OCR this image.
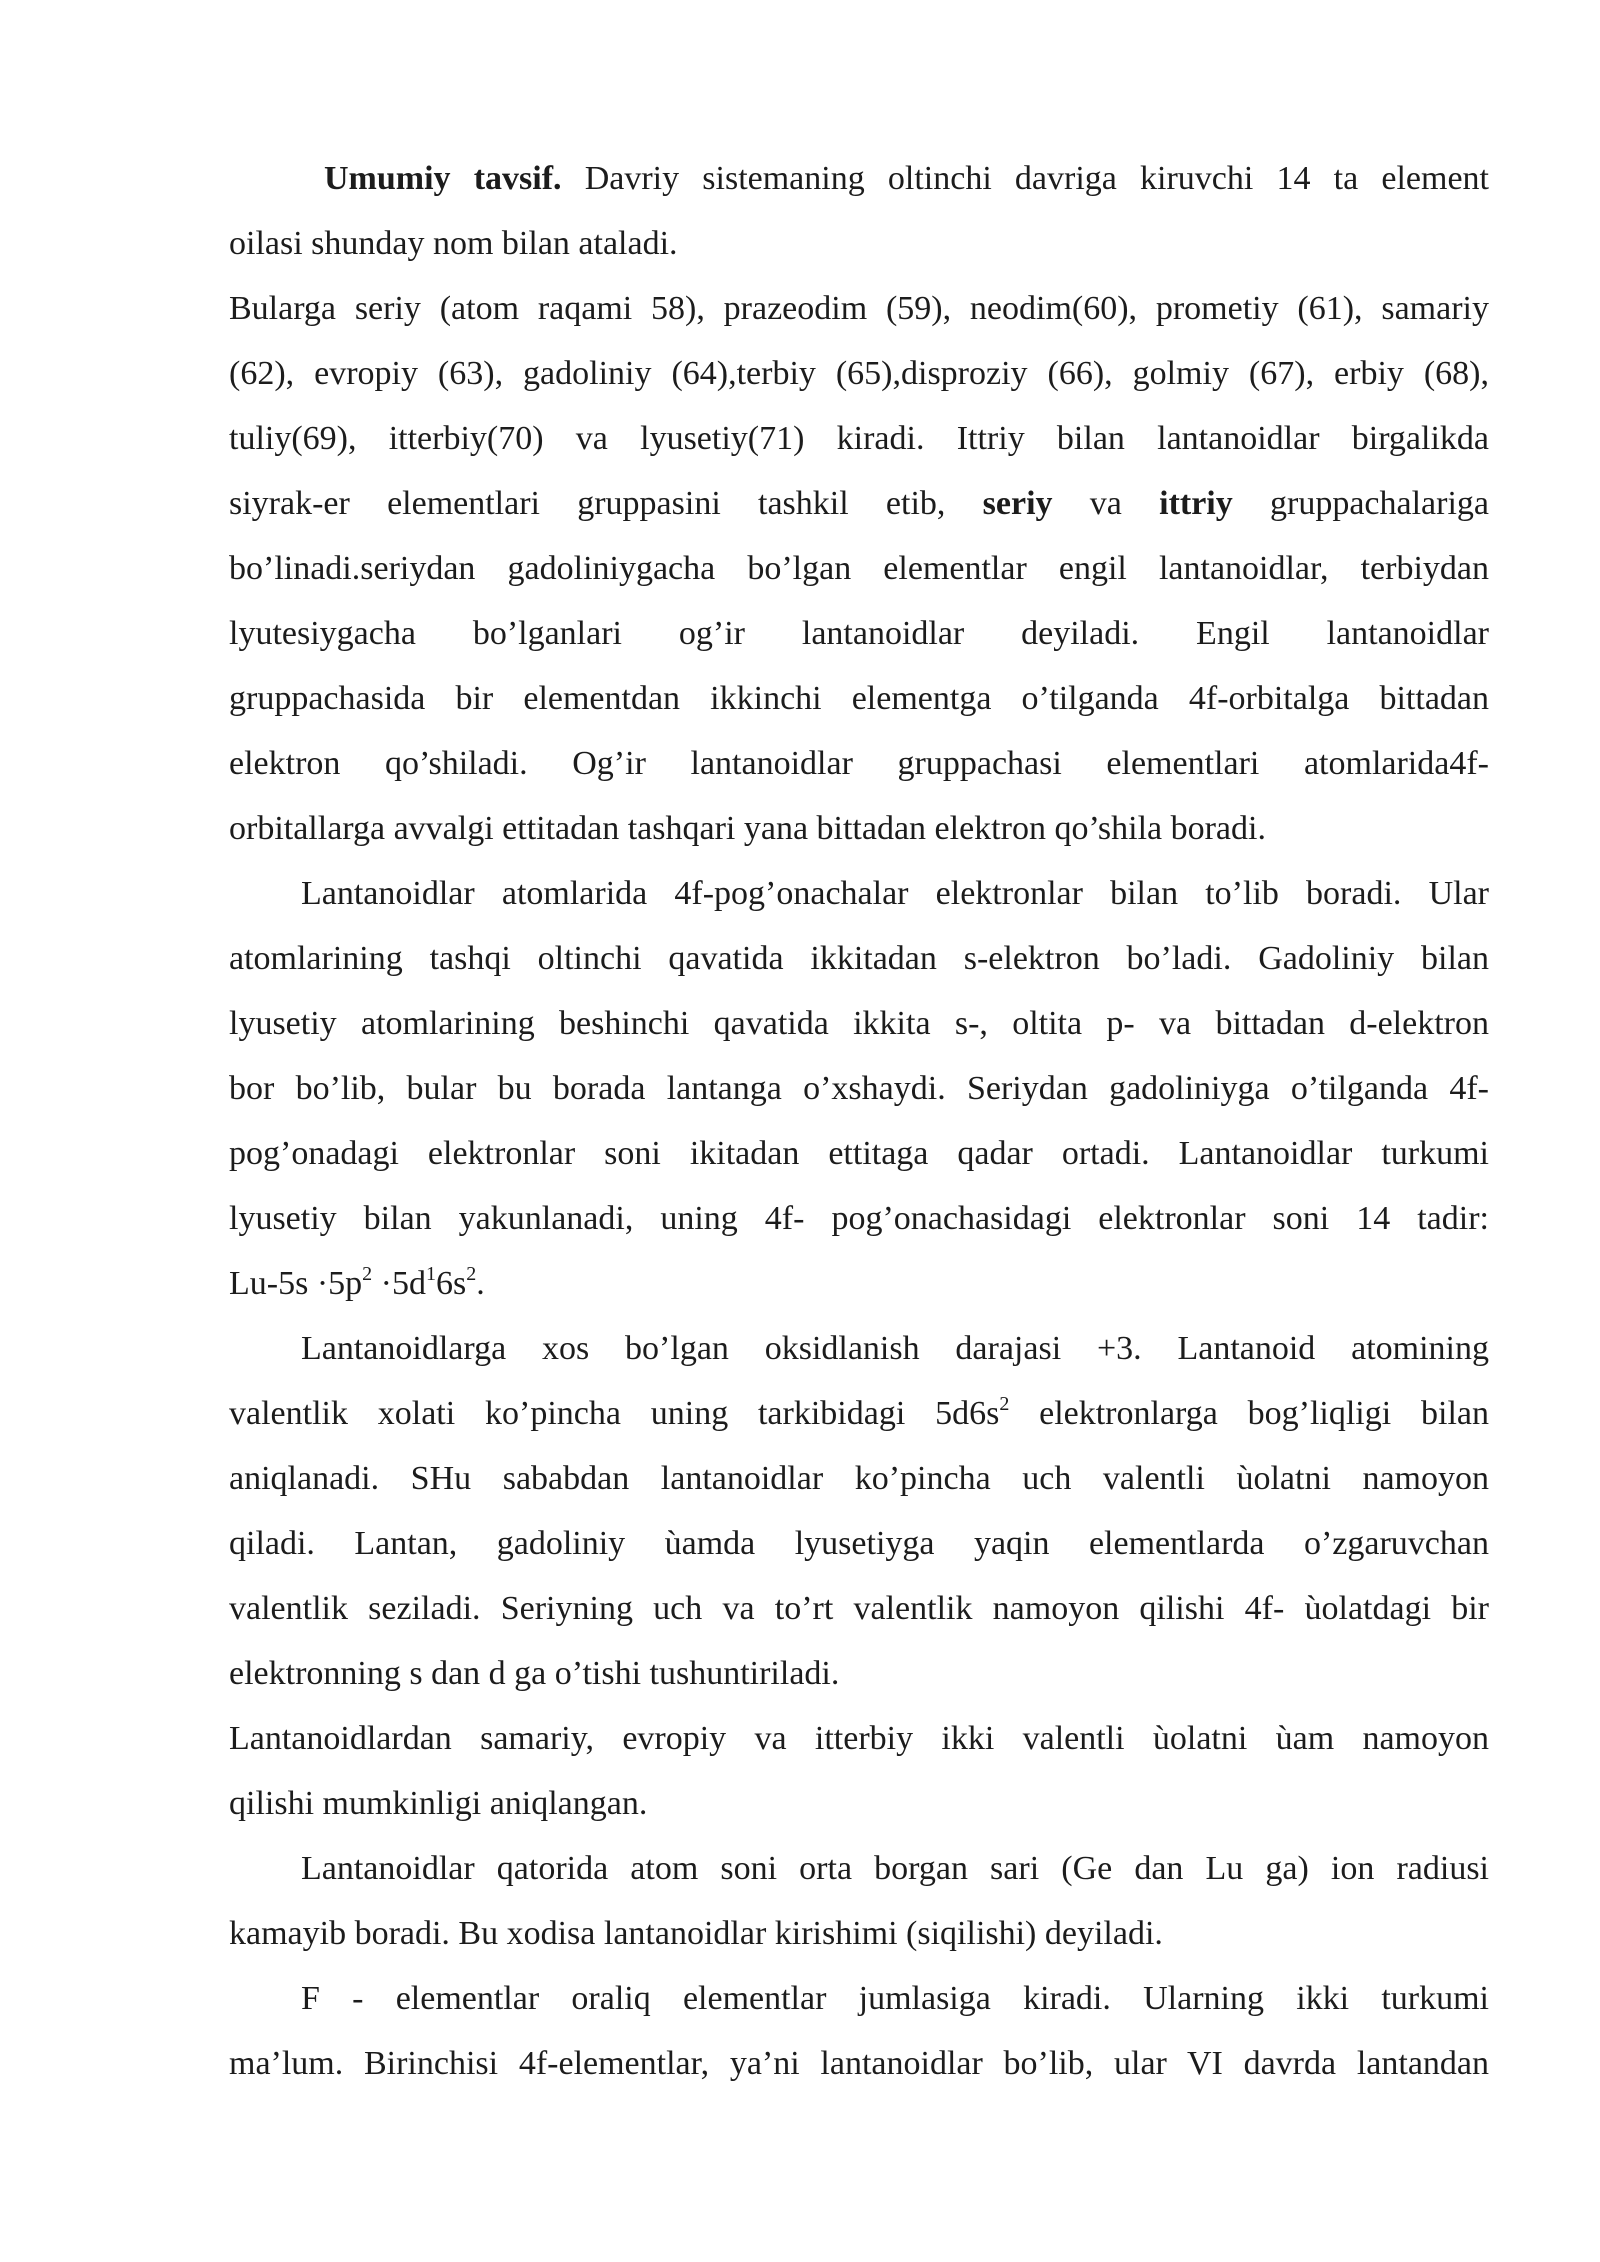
Umumiy tavsif. Davriy sistemaning oltinchi davriga kiruvchi 14 ta element
oilasi shunday nom bilan ataladi.
Bularga seriy (atom raqami 58), prazeodim (59), neodim(60), prometiy (61), samariy
(62), evropiy (63), gadoliniy (64),terbiy (65),disproziy (66), golmiy (67), erbiy (68),
tuliy(69), itterbiy(70) va lyusetiy(71) kiradi. Ittriy bilan lantanoidlar birgalikda
siyrak-er elementlari gruppasini tashkil etib, seriy va ittriy gruppachalariga
bo’linadi.seriydan gadoliniygacha bo’lgan elementlar engil lantanoidlar, terbiydan
lyutesiygacha bo’lganlari og’ir lantanoidlar deyiladi. Engil lantanoidlar
gruppachasida bir elementdan ikkinchi elementga o’tilganda 4f-orbitalga bittadan
elektron qo’shiladi. Og’ir lantanoidlar gruppachasi elementlari atomlarida4f-
orbitallarga avvalgi ettitadan tashqari yana bittadan elektron qo’shila boradi.
Lantanoidlar atomlarida 4f-pog’onachalar elektronlar bilan to’lib boradi. Ular
atomlarining tashqi oltinchi qavatida ikkitadan s-elektron bo’ladi. Gadoliniy bilan
lyusetiy atomlarining beshinchi qavatida ikkita s-, oltita p- va bittadan d-elektron
bor bo’lib, bular bu borada lantanga o’xshaydi. Seriydan gadoliniyga o’tilganda 4f-
pog’onadagi elektronlar soni ikitadan ettitaga qadar ortadi. Lantanoidlar turkumi
lyusetiy bilan yakunlanadi, uning 4f- pog’onachasidagi elektronlar soni 14 tadir:
$Lu-5s \cdot 5p^2 \cdot 5d^16s^2$.
Lantanoidlarga xos bo’lgan oksidlanish darajasi +3. Lantanoid atomining
valentlik xolati ko’pincha uning tarkibidagi $5d6s^2$ elektronlarga bog’liqligi bilan
aniqlanadi. SHu sababdan lantanoidlar ko’pincha uch valentli ùolatni namoyon
qiladi. Lantan, gadoliniy ùamda lyusetiyga yaqin elementlarda o’zgaruvchan
valentlik seziladi. Seriyning uch va to’rt valentlik namoyon qilishi 4f- ùolatdagi bir
elektronning s dan d ga o’tishi tushuntiriladi.
Lantanoidlardan samariy, evropiy va itterbiy ikki valentli ùolatni ùam namoyon
qilishi mumkinligi aniqlangan.
Lantanoidlar qatorida atom soni orta borgan sari (Ge dan Lu ga) ion radiusi
kamayib boradi. Bu xodisa lantanoidlar kirishimi (siqilishi) deyiladi.
F - elementlar oraliq elementlar jumlasiga kiradi. Ularning ikki turkumi
ma’lum. Birinchisi 4f-elementlar, ya’ni lantanoidlar bo’lib, ular VI davrda lantandan
